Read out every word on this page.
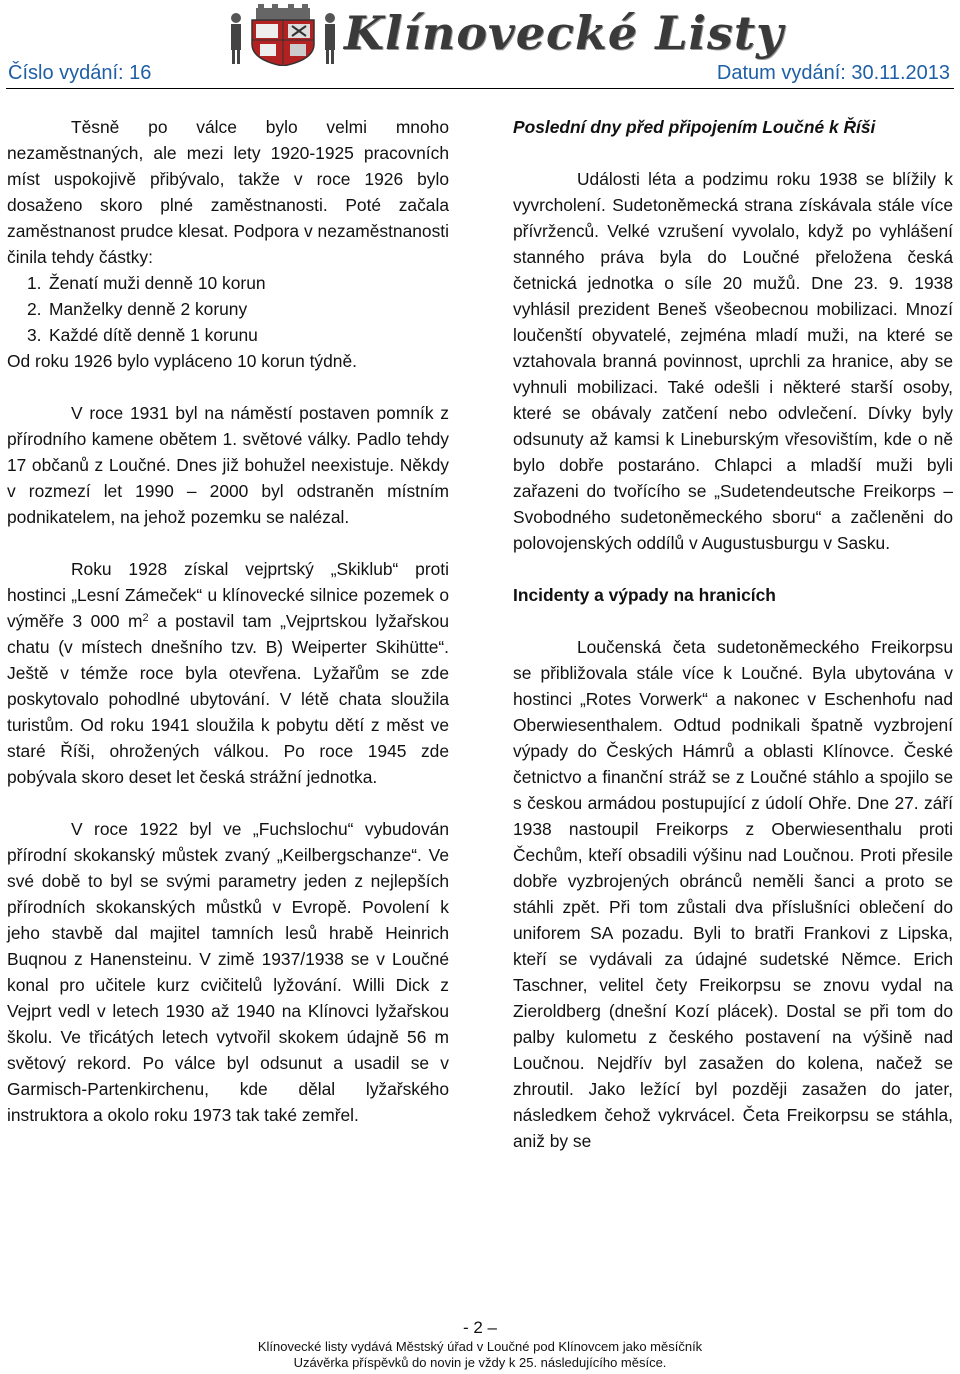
Klínovecké Listy
Číslo vydání: 16	Datum vydání: 30.11.2013

Těsně po válce bylo velmi mnoho nezaměstnaných, ale mezi lety 1920-1925 pracovních míst uspokojivě přibývalo, takže v roce 1926 bylo dosaženo skoro plné zaměstnanosti. Poté začala zaměstnanost prudce klesat. Podpora v nezaměstnanosti činila tehdy částky:

1. Ženatí muži denně 10 korun
2. Manželky denně 2 koruny
3. Každé dítě denně 1 korunu

Od roku 1926 bylo vypláceno 10 korun týdně.

V roce 1931 byl na náměstí postaven pomník z přírodního kamene obětem 1. světové války. Padlo tehdy 17 občanů z Loučné. Dnes již bohužel neexistuje. Někdy v rozmezí let 1990 – 2000 byl odstraněn místním podnikatelem, na jehož pozemku se nalézal.

Roku 1928 získal vejprtský „Skiklub“ proti hostinci „Lesní Zámeček“ u klínovecké silnice pozemek o výměře 3 000 $m^2$ a postavil tam „Vejprtskou lyžařskou chatu (v místech dnešního tzv. B) Weiperter Skihütte“. Ještě v témže roce byla otevřena. Lyžařům se zde poskytovalo pohodlné ubytování. V létě chata sloužila turistům. Od roku 1941 sloužila k pobytu dětí z měst ve staré Říši, ohrožených válkou. Po roce 1945 zde pobývala skoro deset let česká strážní jednotka.

V roce 1922 byl ve „Fuchslochu“ vybudován přírodní skokanský můstek zvaný „Keilbergschanze“. Ve své době to byl se svými parametry jeden z nejlepších přírodních skokanských můstků v Evropě. Povolení k jeho stavbě dal majitel tamních lesů hrabě Heinrich Buqnou z Hanensteinu. V zimě 1937/1938 se v Loučné konal pro učitele kurz cvičitelů lyžování. Willi Dick z Vejprt vedl v letech 1930 až 1940 na Klínovci lyžařskou školu. Ve třicátých letech vytvořil skokem údajně 56 m světový rekord. Po válce byl odsunut a usadil se v Garmisch-Partenkirchenu, kde dělal lyžařského instruktora a okolo roku 1973 tak také zemřel.

Poslední dny před připojením Loučné k Říši

Události léta a podzimu roku 1938 se blížily k vyvrcholení. Sudetoněmecká strana získávala stále více přívrženců. Velké vzrušení vyvolalo, když po vyhlášení stanného práva byla do Loučné přeložena česká četnická jednotka o síle 20 mužů. Dne 23. 9. 1938 vyhlásil prezident Beneš všeobecnou mobilizaci. Mnozí loučenští obyvatelé, zejména mladí muži, na které se vztahovala branná povinnost, uprchli za hranice, aby se vyhnuli mobilizaci. Také odešli i některé starší osoby, které se obávaly zatčení nebo odvlečení. Dívky byly odsunuty až kamsi k Lineburským vřesovištím, kde o ně bylo dobře postaráno. Chlapci a mladší muži byli zařazeni do tvořícího se „Sudetendeutsche Freikorps – Svobodného sudetoněmeckého sboru“ a začleněni do polovojenských oddílů v Augustusburgu v Sasku.

Incidenty a výpady na hranicích

Loučenská četa sudetoněmeckého Freikorpsu se přibližovala stále více k Loučné. Byla ubytována v hostinci „Rotes Vorwerk“ a nakonec v Eschenhofu nad Oberwiesenthalem. Odtud podnikali špatně vyzbrojení výpady do Českých Hámrů a oblasti Klínovce. České četnictvo a finanční stráž se z Loučné stáhlo a spojilo se s českou armádou postupující z údolí Ohře. Dne 27. září 1938 nastoupil Freikorps z Oberwiesenthalu proti Čechům, kteří obsadili výšinu nad Loučnou. Proti přesile dobře vyzbrojených obránců neměli šanci a proto se stáhli zpět. Při tom zůstali dva příslušníci oblečení do uniforem SA pozadu. Byli to bratři Frankovi z Lipska, kteří se vydávali za údajné sudetské Němce. Erich Taschner, velitel čety Freikorpsu se znovu vydal na Zieroldberg (dnešní Kozí plácek). Dostal se při tom do palby kulometu z českého postavení na výšině nad Loučnou. Nejdřív byl zasažen do kolena, načež se zhroutil. Jako ležící byl později zasažen do jater, následkem čehož vykrvácel. Četa Freikorpsu se stáhla, aniž by se

- 2 –
Klínovecké listy vydává Městský úřad v Loučné pod Klínovcem jako měsíčník
Uzávěrka příspěvků do novin je vždy k 25. následujícího měsíce.
